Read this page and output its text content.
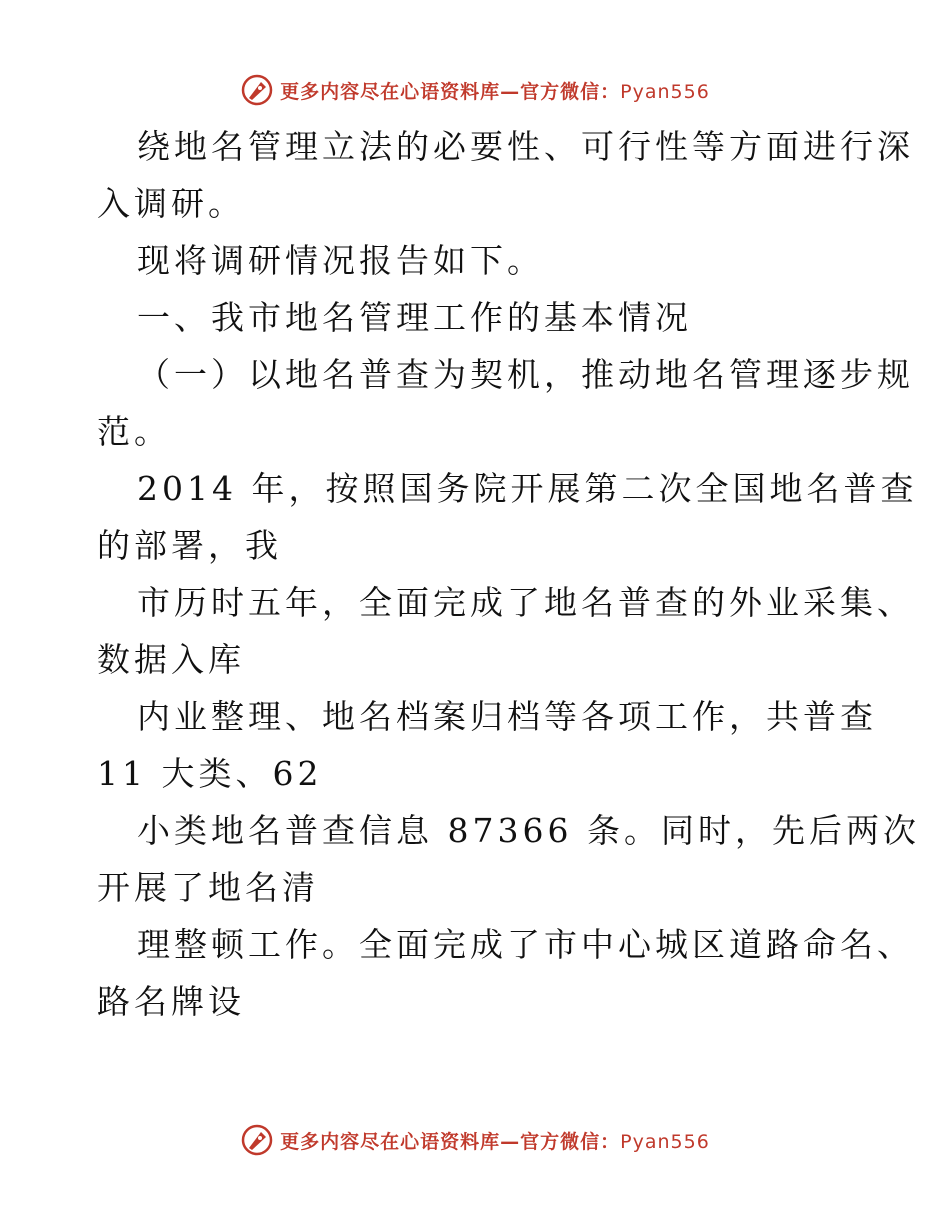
更多内容尽在心语资料库—官方微信：Pyan556
绕地名管理立法的必要性、可行性等方面进行深
入调研。
现将调研情况报告如下。
一、我市地名管理工作的基本情况
（一）以地名普查为契机，推动地名管理逐步规
范。
2014 年，按照国务院开展第二次全国地名普查
的部署，我
市历时五年，全面完成了地名普查的外业采集、
数据入库
内业整理、地名档案归档等各项工作，共普查
11 大类、62
小类地名普查信息 87366 条。同时，先后两次
开展了地名清
理整顿工作。全面完成了市中心城区道路命名、
路名牌设
更多内容尽在心语资料库—官方微信：Pyan556
